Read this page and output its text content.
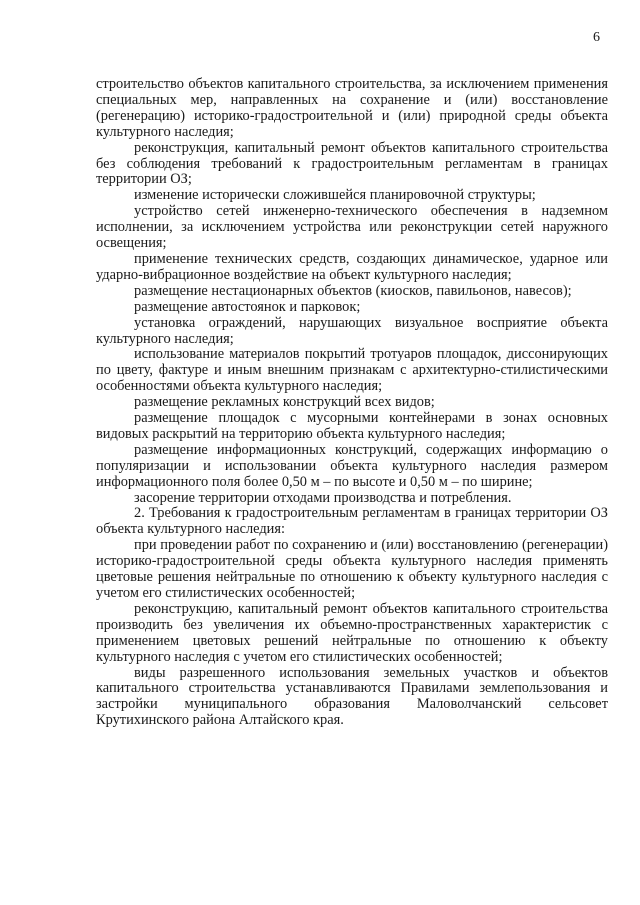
6

строительство объектов капитального строительства, за исключением применения специальных мер, направленных на сохранение и (или) восстановление (регенерацию) историко-градостроительной и (или) природной среды объекта культурного наследия;

реконструкция, капитальный ремонт объектов капитального строительства без соблюдения требований к градостроительным регламентам в границах территории ОЗ;

изменение исторически сложившейся планировочной структуры;

устройство сетей инженерно-технического обеспечения в надземном исполнении, за исключением устройства или реконструкции сетей наружного освещения;

применение технических средств, создающих динамическое, ударное или ударно-вибрационное воздействие на объект культурного наследия;

размещение нестационарных объектов (киосков, павильонов, навесов);

размещение автостоянок и парковок;

установка ограждений, нарушающих визуальное восприятие объекта культурного наследия;

использование материалов покрытий тротуаров площадок, диссонирующих по цвету, фактуре и иным внешним признакам с архитектурно-стилистическими особенностями объекта культурного наследия;

размещение рекламных конструкций всех видов;

размещение площадок с мусорными контейнерами в зонах основных видовых раскрытий на территорию объекта культурного наследия;

размещение информационных конструкций, содержащих информацию о популяризации и использовании объекта культурного наследия размером информационного поля более 0,50 м – по высоте и 0,50 м – по ширине;

засорение территории отходами производства и потребления.

2. Требования к градостроительным регламентам в границах территории ОЗ объекта культурного наследия:

при проведении работ по сохранению и (или) восстановлению (регенерации) историко-градостроительной среды объекта культурного наследия применять цветовые решения нейтральные по отношению к объекту культурного наследия с учетом его стилистических особенностей;

реконструкцию, капитальный ремонт объектов капитального строительства производить без увеличения их объемно-пространственных характеристик с применением цветовых решений нейтральные по отношению к объекту культурного наследия с учетом его стилистических особенностей;

виды разрешенного использования земельных участков и объектов капитального строительства устанавливаются Правилами землепользования и застройки муниципального образования Маловолчанский сельсовет Крутихинского района Алтайского края.
